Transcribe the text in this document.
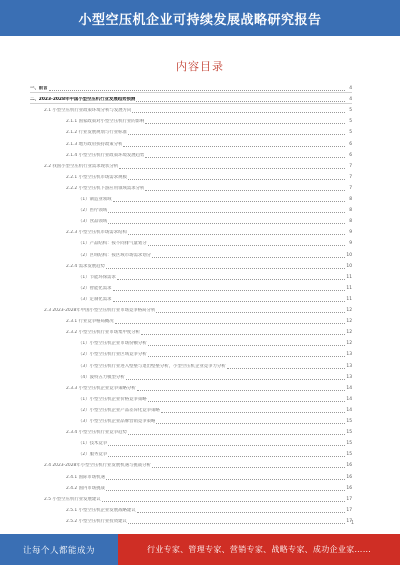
小型空压机企业可持续发展战略研究报告
内容目录
一、前言	4
二、2023-2028年中国小型空压机行业发展趋势预测	4
2.1 小型空压机行业政策环境分析与发展方向	5
2.1.1 国家政策对小型空压机行业的影响	5
2.1.2 行业发展规划与行业标准	5
2.1.3 地方政府扶持政策分析	6
2.1.4 小型空压机行业政策环境发展趋势	6
2.2 我国小型空压机行业需求现状分析	7
2.2.1 小型空压机市场需求规模	7
2.2.2 小型空压机下游应用领域需求分析	7
（1）制造业领域	8
（2）医疗领域	8
（3）食品领域	8
2.2.3 小型空压机市场需求结构	9
（1）产品结构：按不同排气量划分	9
（2）区域结构：按区域市场需求划分	10
2.2.4 需求发展趋势	10
（1）节能环保需求	11
（2）智能化需求	11
（3）定制化需求	11
2.3 2023-2028年中国小型空压机行业市场竞争格局分析	12
2.3.1 行业竞争格局概况	12
2.3.2 小型空压机行业市场集中度分析	12
（1）小型空压机企业市场份额分析	12
（2）小型空压机行业区域竞争分析	13
（3）小型空压机行业进入壁垒与退出壁垒分析，小型空压机企业竞争力分析	13
（4）波特五力模型分析	13
2.3.3 小型空压机企业竞争策略分析	14
（1）小型空压机企业价格竞争策略	14
（2）小型空压机企业产品差异化竞争策略	14
（3）小型空压机企业品牌营销竞争策略	15
2.3.4 小型空压机行业竞争趋势	15
（1）技术竞争	15
（2）服务竞争	15
2.4 2023-2028年小型空压机行业发展机遇与挑战分析	16
2.4.1 国际市场机遇	16
2.4.2 国内市场挑战	16
2.5 小型空压机行业发展建议	17
2.5.1 小型空压机企业发展战略建议	17
2.5.2 小型空压机行业投资建议	17
1
让每个人都能成为	行业专家、管理专家、营销专家、战略专家、成功企业家……
